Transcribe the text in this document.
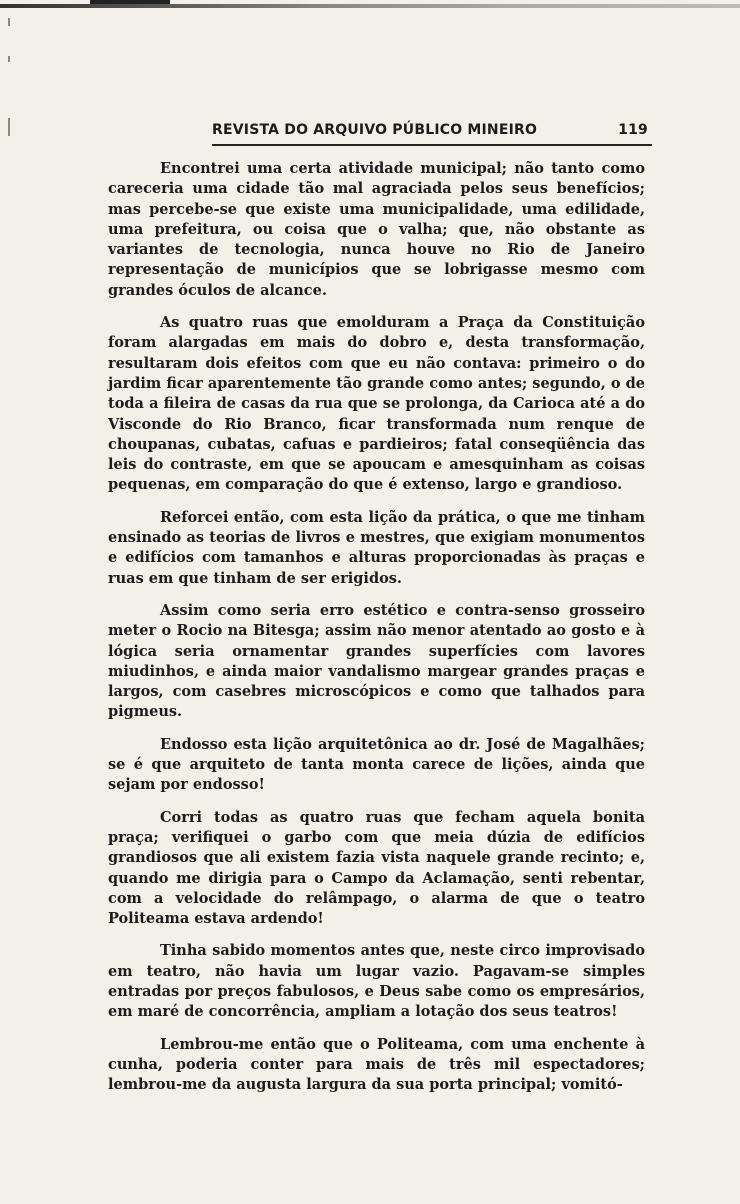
REVISTA DO ARQUIVO PÚBLICO MINEIRO	119

Encontrei uma certa atividade municipal; não tanto como careceria uma cidade tão mal agraciada pelos seus benefícios; mas percebe-se que existe uma municipalidade, uma edilidade, uma prefeitura, ou coisa que o valha; que, não obstante as variantes de tecnologia, nunca houve no Rio de Janeiro representação de municípios que se lobrigasse mesmo com grandes óculos de alcance.

As quatro ruas que emolduram a Praça da Constituição foram alargadas em mais do dobro e, desta transformação, resultaram dois efeitos com que eu não contava: primeiro o do jardim ficar aparentemente tão grande como antes; segundo, o de toda a fileira de casas da rua que se prolonga, da Carioca até a do Visconde do Rio Branco, ficar transformada num renque de choupanas, cubatas, cafuas e pardieiros; fatal conseqüência das leis do contraste, em que se apoucam e amesquinham as coisas pequenas, em comparação do que é extenso, largo e grandioso.

Reforcei então, com esta lição da prática, o que me tinham ensinado as teorias de livros e mestres, que exigiam monumentos e edifícios com tamanhos e alturas proporcionadas às praças e ruas em que tinham de ser erigidos.

Assim como seria erro estético e contra-senso grosseiro meter o Rocio na Bitesga; assim não menor atentado ao gosto e à lógica seria ornamentar grandes superfícies com lavores miudinhos, e ainda maior vandalismo margear grandes praças e largos, com casebres microscópicos e como que talhados para pigmeus.

Endosso esta lição arquitetônica ao dr. José de Magalhães; se é que arquiteto de tanta monta carece de lições, ainda que sejam por endosso!

Corri todas as quatro ruas que fecham aquela bonita praça; verifiquei o garbo com que meia dúzia de edifícios grandiosos que ali existem fazia vista naquele grande recinto; e, quando me dirigia para o Campo da Aclamação, senti rebentar, com a velocidade do relâmpago, o alarma de que o teatro Politeama estava ardendo!

Tinha sabido momentos antes que, neste circo improvisado em teatro, não havia um lugar vazio. Pagavam-se simples entradas por preços fabulosos, e Deus sabe como os empresários, em maré de concorrência, ampliam a lotação dos seus teatros!

Lembrou-me então que o Politeama, com uma enchente à cunha, poderia conter para mais de três mil espectadores; lembrou-me da augusta largura da sua porta principal; vomitó-
